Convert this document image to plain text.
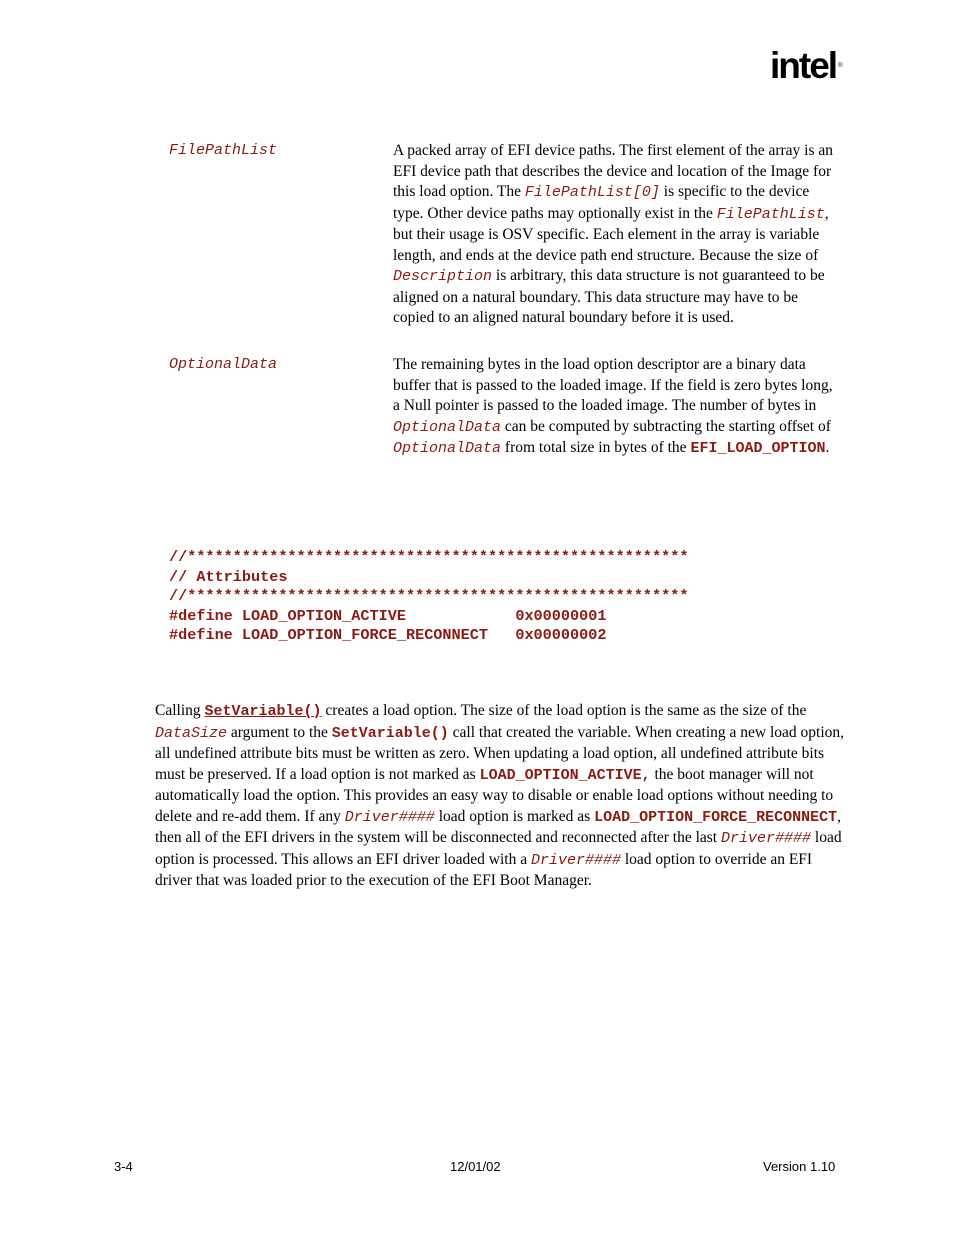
intel ®
FilePathList	A packed array of EFI device paths. The first element of the array is an EFI device path that describes the device and location of the Image for this load option. The FilePathList[0] is specific to the device type. Other device paths may optionally exist in the FilePathList, but their usage is OSV specific. Each element in the array is variable length, and ends at the device path end structure. Because the size of Description is arbitrary, this data structure is not guaranteed to be aligned on a natural boundary. This data structure may have to be copied to an aligned natural boundary before it is used.
OptionalData	The remaining bytes in the load option descriptor are a binary data buffer that is passed to the loaded image. If the field is zero bytes long, a Null pointer is passed to the loaded image. The number of bytes in OptionalData can be computed by subtracting the starting offset of OptionalData from total size in bytes of the EFI_LOAD_OPTION.
//*******************************************************
// Attributes
//*******************************************************
#define LOAD_OPTION_ACTIVE            0x00000001
#define LOAD_OPTION_FORCE_RECONNECT   0x00000002
Calling SetVariable() creates a load option. The size of the load option is the same as the size of the DataSize argument to the SetVariable() call that created the variable. When creating a new load option, all undefined attribute bits must be written as zero. When updating a load option, all undefined attribute bits must be preserved. If a load option is not marked as LOAD_OPTION_ACTIVE, the boot manager will not automatically load the option. This provides an easy way to disable or enable load options without needing to delete and re-add them. If any Driver#### load option is marked as LOAD_OPTION_FORCE_RECONNECT, then all of the EFI drivers in the system will be disconnected and reconnected after the last Driver#### load option is processed. This allows an EFI driver loaded with a Driver#### load option to override an EFI driver that was loaded prior to the execution of the EFI Boot Manager.
3-4	12/01/02	Version 1.10
